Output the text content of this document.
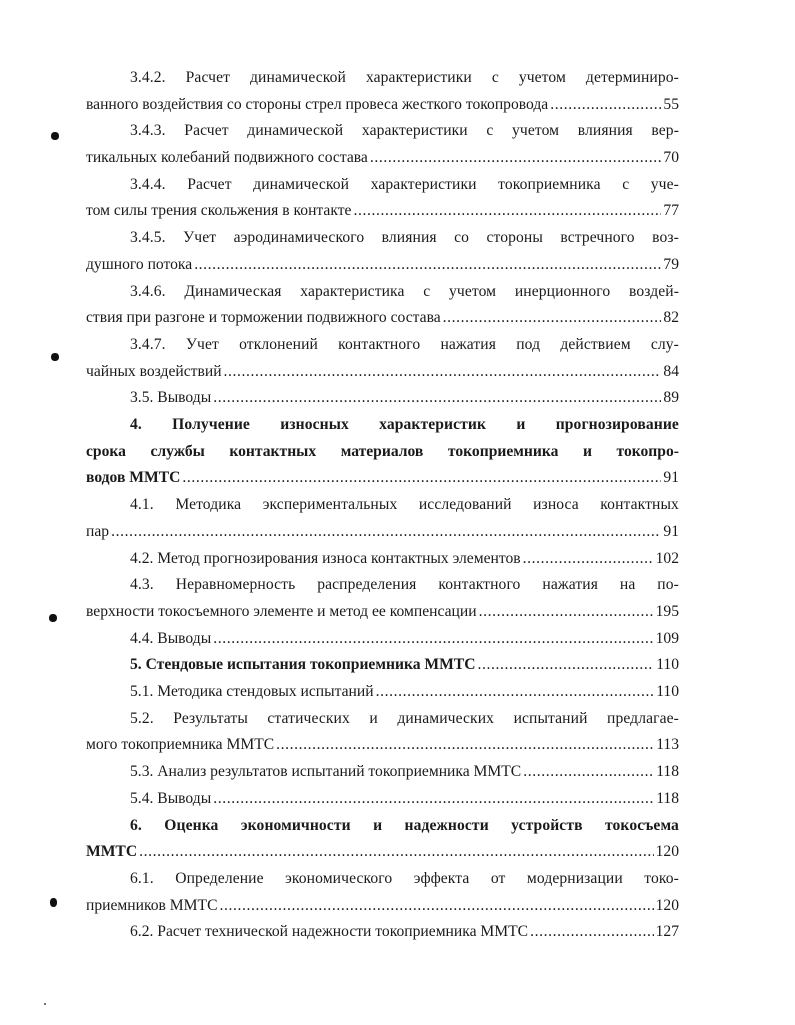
3.4.2. Расчет динамической характеристики с учетом детерминиро-
ванного воздействия со стороны стрел провеса жесткого токопровода .....	55
3.4.3. Расчет динамической характеристики с учетом влияния вер-
тикальных колебаний подвижного состава .....	70
3.4.4. Расчет динамической характеристики токоприемника с уче-
том силы трения скольжения в контакте .....	77
3.4.5. Учет аэродинамического влияния со стороны встречного воз-
душного потока .....	79
3.4.6. Динамическая характеристика с учетом инерционного воздей-
ствия при разгоне и торможении подвижного состава .....	82
3.4.7. Учет отклонений контактного нажатия под действием слу-
чайных воздействий .....	84
3.5. Выводы .....	89
4. Получение износных характеристик и прогнозирование
срока службы контактных материалов токоприемника и токопро-
водов ММТС .....	91
4.1. Методика экспериментальных исследований износа контактных
пар .....	91
4.2. Метод прогнозирования износа контактных элементов .....	102
4.3. Неравномерность распределения контактного нажатия на по-
верхности токосъемного элементе и метод ее компенсации .....	195
4.4. Выводы .....	109
5. Стендовые испытания токоприемника ММТС .....	110
5.1. Методика стендовых испытаний .....	110
5.2. Результаты статических и динамических испытаний предлагае-
мого токоприемника ММТС .....	113
5.3. Анализ результатов испытаний токоприемника ММТС .....	118
5.4. Выводы .....	118
6. Оценка экономичности и надежности устройств токосъема
ММТС .....	120
6.1. Определение экономического эффекта от модернизации токо-
приемников ММТС .....	120
6.2. Расчет технической надежности токоприемника ММТС .....	127
